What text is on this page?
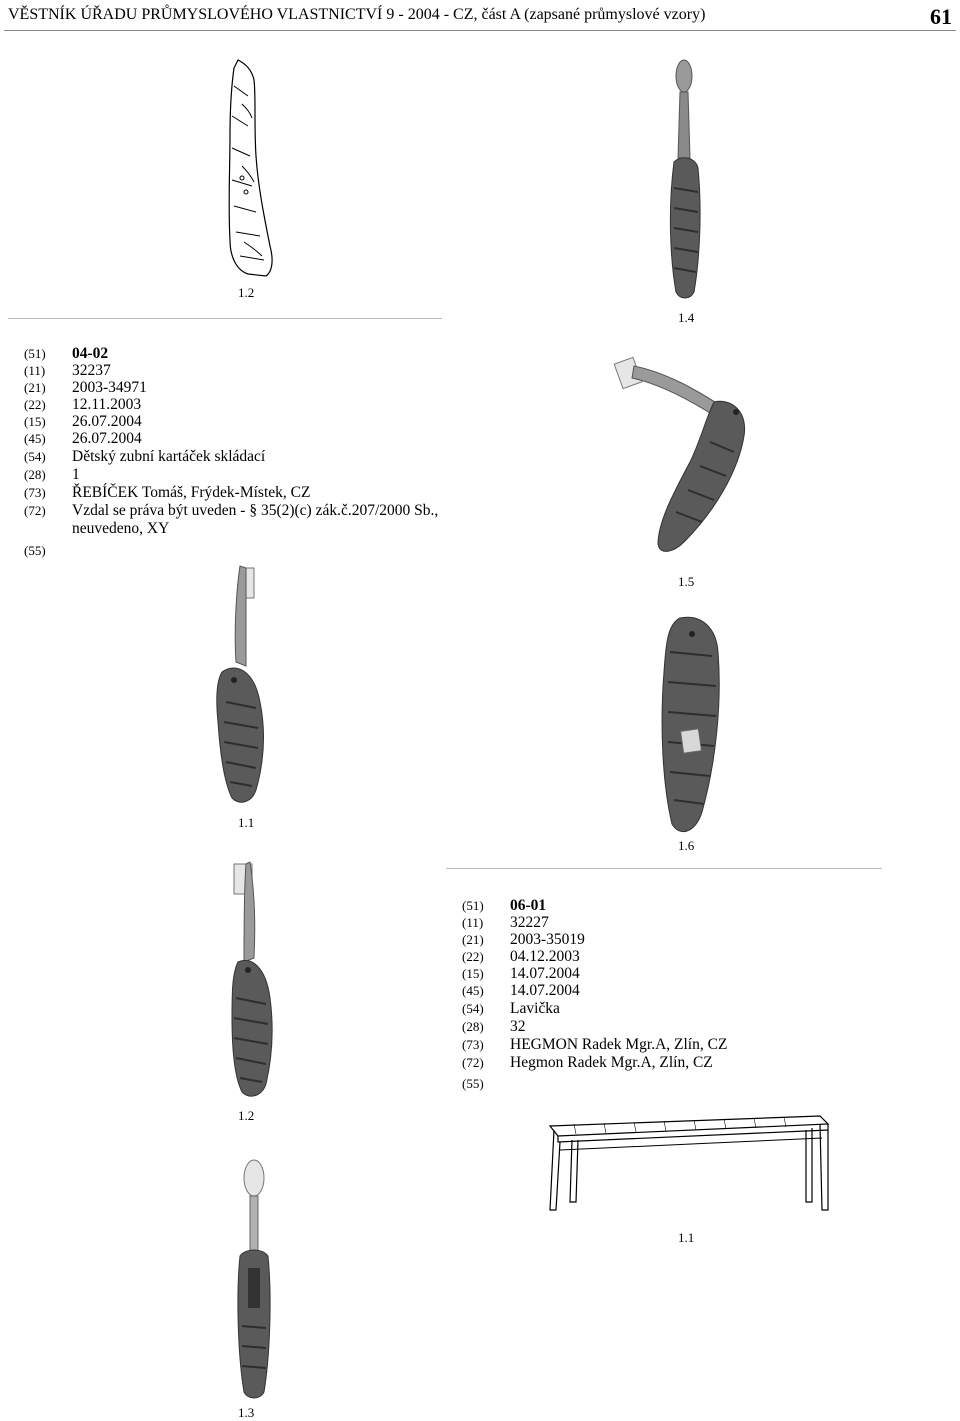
VĚSTNÍK ÚŘADU PRŮMYSLOVÉHO VLASTNICTVÍ 9 - 2004 - CZ, část A (zapsané průmyslové vzory)	61
1.2
(51) 04-02
(11) 32237
(21) 2003-34971
(22) 12.11.2003
(15) 26.07.2004
(45) 26.07.2004
(54) Dětský zubní kartáček skládací
(28) 1
(73) ŘEBÍČEK Tomáš, Frýdek-Místek, CZ
(72) Vzdal se práva být uveden - § 35(2)(c) zák.č.207/2000 Sb.,
neuvedeno, XY
(55)
1.1
1.2
1.3
1.4
1.5
1.6
(51) 06-01
(11) 32227
(21) 2003-35019
(22) 04.12.2003
(15) 14.07.2004
(45) 14.07.2004
(54) Lavička
(28) 32
(73) HEGMON Radek Mgr.A, Zlín, CZ
(72) Hegmon Radek Mgr.A, Zlín, CZ
(55)
1.1
